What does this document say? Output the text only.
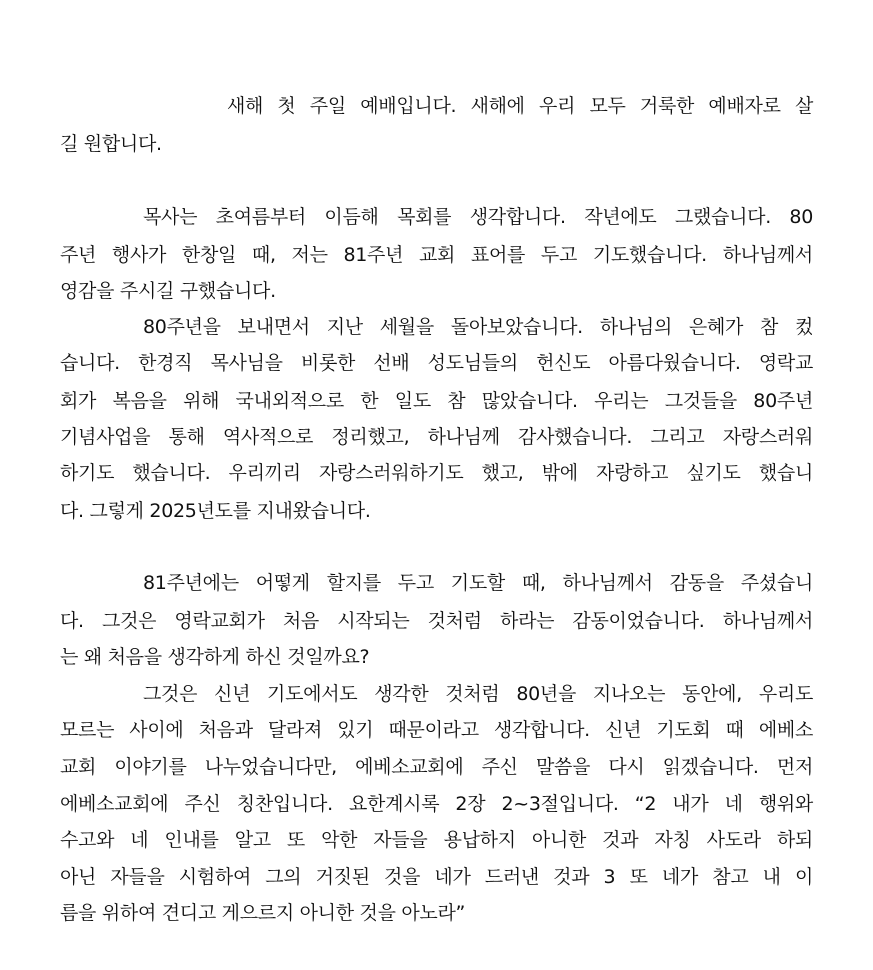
새해 첫 주일 예배입니다. 새해에 우리 모두 거룩한 예배자로 살
길 원합니다.
목사는 초여름부터 이듬해 목회를 생각합니다. 작년에도 그랬습니다. 80
주년 행사가 한창일 때, 저는 81주년 교회 표어를 두고 기도했습니다. 하나님께서
영감을 주시길 구했습니다.
80주년을 보내면서 지난 세월을 돌아보았습니다. 하나님의 은혜가 참 컸
습니다. 한경직 목사님을 비롯한 선배 성도님들의 헌신도 아름다웠습니다. 영락교
회가 복음을 위해 국내외적으로 한 일도 참 많았습니다. 우리는 그것들을 80주년
기념사업을 통해 역사적으로 정리했고, 하나님께 감사했습니다. 그리고 자랑스러워
하기도 했습니다. 우리끼리 자랑스러워하기도 했고, 밖에 자랑하고 싶기도 했습니
다. 그렇게 2025년도를 지내왔습니다.
81주년에는 어떻게 할지를 두고 기도할 때, 하나님께서 감동을 주셨습니
다. 그것은 영락교회가 처음 시작되는 것처럼 하라는 감동이었습니다. 하나님께서
는 왜 처음을 생각하게 하신 것일까요?
그것은 신년 기도에서도 생각한 것처럼 80년을 지나오는 동안에, 우리도
모르는 사이에 처음과 달라져 있기 때문이라고 생각합니다. 신년 기도회 때 에베소
교회 이야기를 나누었습니다만, 에베소교회에 주신 말씀을 다시 읽겠습니다. 먼저
에베소교회에 주신 칭찬입니다. 요한계시록 2장 2~3절입니다. “2 내가 네 행위와
수고와 네 인내를 알고 또 악한 자들을 용납하지 아니한 것과 자칭 사도라 하되
아닌 자들을 시험하여 그의 거짓된 것을 네가 드러낸 것과 3 또 네가 참고 내 이
름을 위하여 견디고 게으르지 아니한 것을 아노라”
